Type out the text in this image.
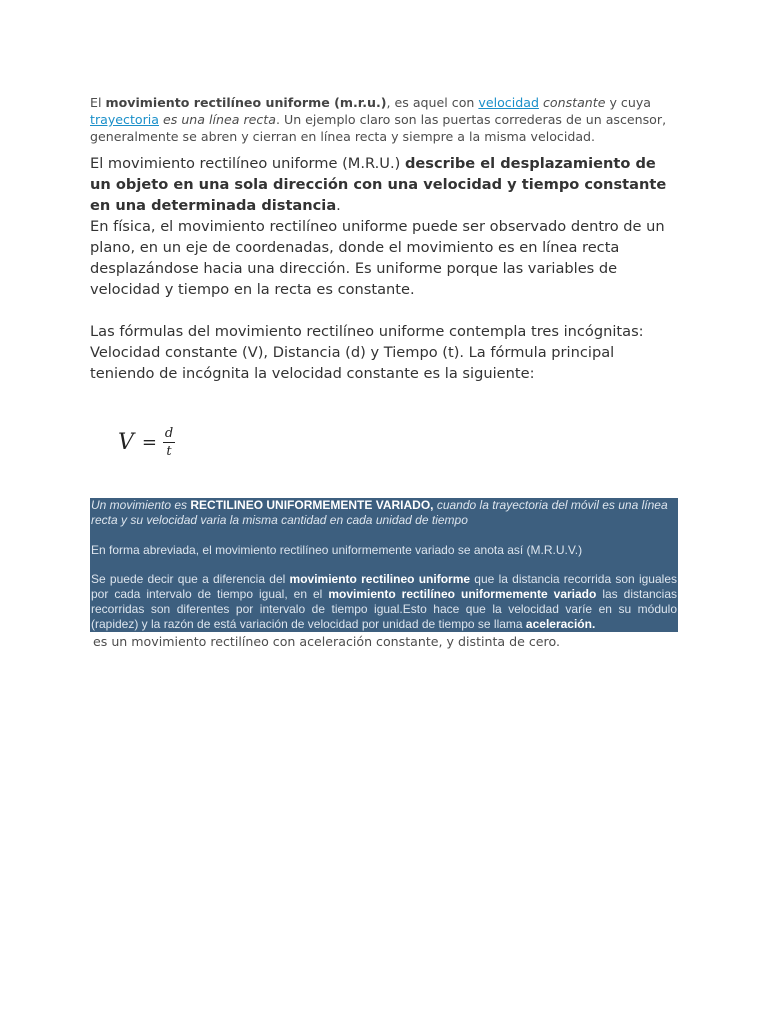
El movimiento rectilíneo uniforme (m.r.u.), es aquel con velocidad constante y cuya trayectoria es una línea recta. Un ejemplo claro son las puertas correderas de un ascensor, generalmente se abren y cierran en línea recta y siempre a la misma velocidad.

El movimiento rectilíneo uniforme (M.R.U.) describe el desplazamiento de un objeto en una sola dirección con una velocidad y tiempo constante en una determinada distancia.

En física, el movimiento rectilíneo uniforme puede ser observado dentro de un plano, en un eje de coordenadas, donde el movimiento es en línea recta desplazándose hacia una dirección. Es uniforme porque las variables de velocidad y tiempo en la recta es constante.

Las fórmulas del movimiento rectilíneo uniforme contempla tres incógnitas: Velocidad constante (V), Distancia (d) y Tiempo (t). La fórmula principal teniendo de incógnita la velocidad constante es la siguiente:

$V = \frac{d}{t}$

Un movimiento es RECTILINEO UNIFORMEMENTE VARIADO, cuando la trayectoria del móvil es una línea recta y su velocidad varia la misma cantidad en cada unidad de tiempo

En forma abreviada, el movimiento rectilíneo uniformemente variado se anota así (M.R.U.V.)

Se puede decir que a diferencia del movimiento rectilineo uniforme que la distancia recorrida son iguales por cada intervalo de tiempo igual, en el movimiento rectilíneo uniformemente variado las distancias recorridas son diferentes por intervalo de tiempo igual.Esto hace que la velocidad varíe en su módulo (rapidez) y la razón de está variación de velocidad por unidad de tiempo se llama aceleración.

es un movimiento rectilíneo con aceleración constante, y distinta de cero.
